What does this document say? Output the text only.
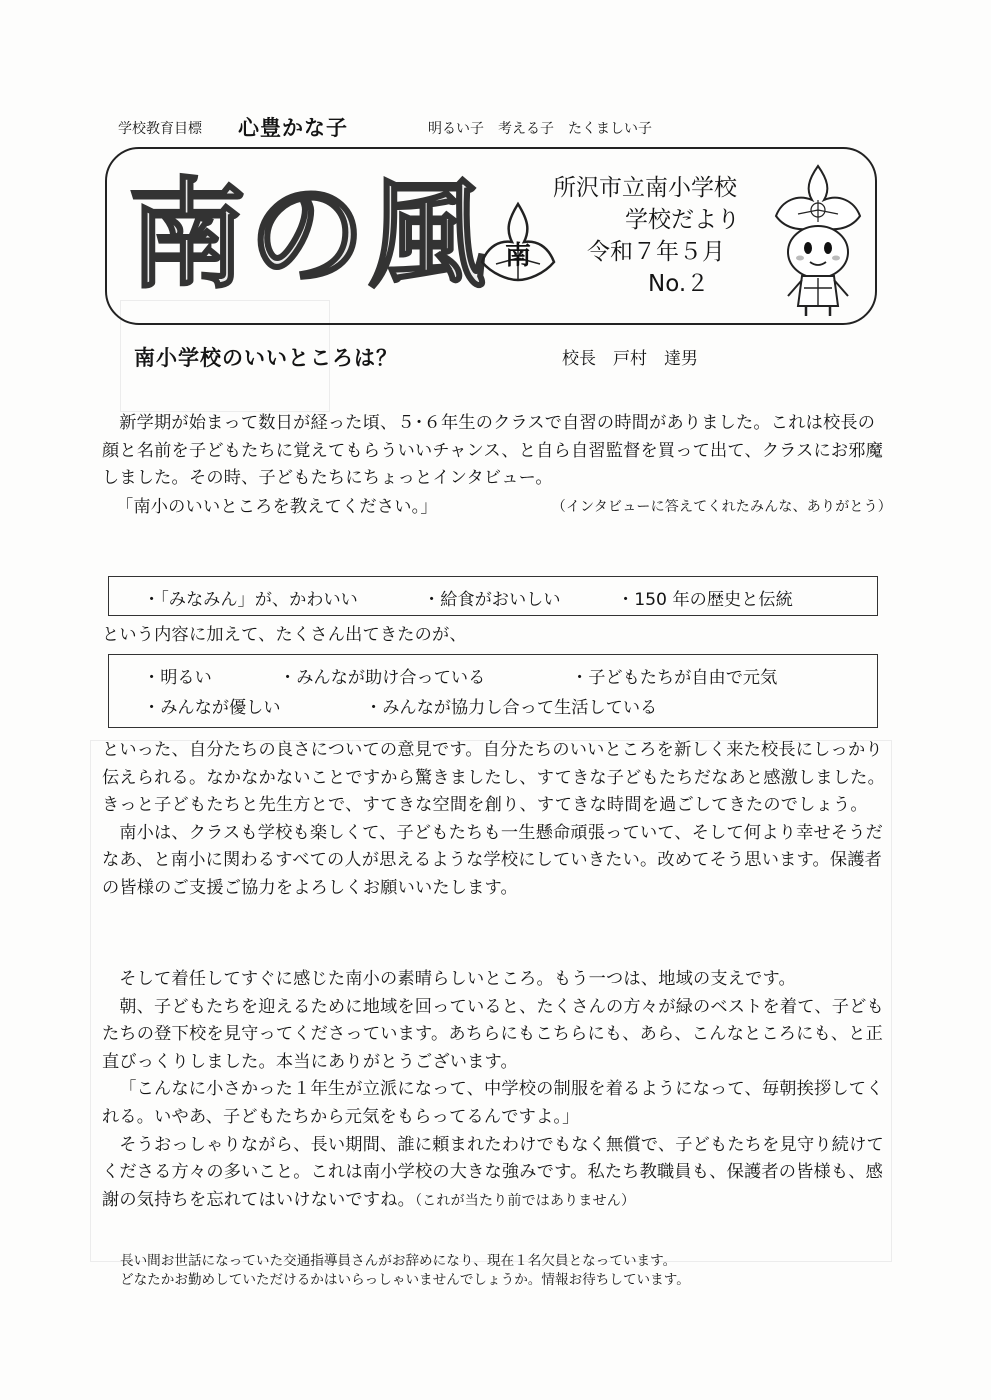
学校教育目標 心豊かな子	明るい子　考える子　たくましい子
南の風 南
所沢市立南小学校
学校だより
令和７年５月
No.２
南小学校のいいところは？	校長　戸村　達男

新学期が始まって数日が経った頃、５･６年生のクラスで自習の時間がありました。これは校長の顔と名前を子どもたちに覚えてもらういいチャンス、と自ら自習監督を買って出て、クラスにお邪魔しました。その時、子どもたちにちょっとインタビュー。

「南小のいいところを教えてください。」	（インタビューに答えてくれたみんな、ありがとう）

・「みなみん」が、かわいい	・給食がおいしい	・150 年の歴史と伝統
という内容に加えて、たくさん出てきたのが、
・明るい	・みんなが助け合っている	・子どもたちが自由で元気
・みんなが優しい	・みんなが協力し合って生活している

といった、自分たちの良さについての意見です。自分たちのいいところを新しく来た校長にしっかり伝えられる。なかなかないことですから驚きましたし、すてきな子どもたちだなあと感激しました。きっと子どもたちと先生方とで、すてきな空間を創り、すてきな時間を過ごしてきたのでしょう。

南小は、クラスも学校も楽しくて、子どもたちも一生懸命頑張っていて、そして何より幸せそうだなあ、と南小に関わるすべての人が思えるような学校にしていきたい。改めてそう思います。保護者の皆様のご支援ご協力をよろしくお願いいたします。

そして着任してすぐに感じた南小の素晴らしいところ。もう一つは、地域の支えです。

朝、子どもたちを迎えるために地域を回っていると、たくさんの方々が緑のベストを着て、子どもたちの登下校を見守ってくださっています。あちらにもこちらにも、あら、こんなところにも、と正直びっくりしました。本当にありがとうございます。

「こんなに小さかった１年生が立派になって、中学校の制服を着るようになって、毎朝挨拶してくれる。いやあ、子どもたちから元気をもらってるんですよ。」

そうおっしゃりながら、長い期間、誰に頼まれたわけでもなく無償で、子どもたちを見守り続けてくださる方々の多いこと。これは南小学校の大きな強みです。私たち教職員も、保護者の皆様も、感謝の気持ちを忘れてはいけないですね。（これが当たり前ではありません）

長い間お世話になっていた交通指導員さんがお辞めになり、現在１名欠員となっています。
どなたかお勤めしていただけるかはいらっしゃいませんでしょうか。情報お待ちしています。
